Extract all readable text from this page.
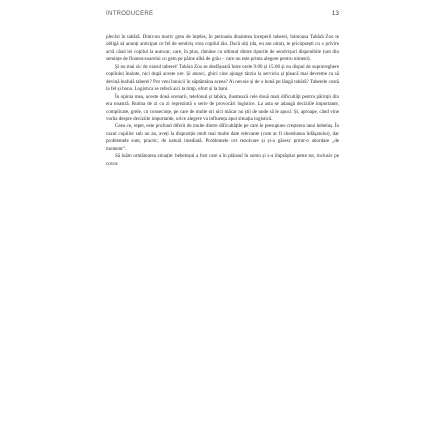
INTRODUCERE	13

plecări în tabără. Dintr-un motiv greu de înțeles, în perioada dinaintea începerii taberei, faimoasa Tabără Zoo te obligă să anunți anticipat ce fel de sendviș vrea copilul tău. Dacă uiți (da, eu am uitat), te pricopsești cu o privire acră când iei copilul la autocar, care, în plus, rămâne cu ultimul dintre tipurile de sendvișuri disponibile (unt din semințe de floarea-soarelui cu gem pe pâine albă de grâu – care nu este prima alegere pentru nimeni).

Și nu mai zic de orarul taberei! Tabăra Zoo se desfășoară între orele 9:00 și 15:00 și nu dispui de supraveghere copilului înainte, nici după aceste ore. Și atunci, ghici cine ajunge târziu la serviciu și pleacă mai devreme ca să devină leafulă taberei? Pot veni bunicii în săptămâna aceea? Ai nevoie și de o bonă pe lângă tabără? Taberele costă la fel și bona. Logistica se referă aici la timp, efort și la bani.

În opinia mea, aceste două scenarii, telefonul și tabăra, ilustrează cele două mari dificultăți pentru părinții din era noastră. Rutina de zi cu zi reprezintă o serie de provocări logistice. La asta se adaugă deciziile importante, complicate, grele, cu consecințe, pe care de multe ori nici măcar nu știi de unde să le apuci. Și, aproape, când vine vorba despre deciziile importante, orice alegere va influența apoi situația logistică.

Ceea ce, repet, este profund diferit de multe dintre dificultățile pe care le presupune creșterea unui bebeluș. În cazul copiilor sub un an, aveți la dispoziție mult mai multe date relevante (cum ar fi chestiunea înfășatului), dar problemele sunt, practic, de natură imediată. Problemele cer rezolvare și și-o găsesc printr-o abordare „de moment”.

Să luăm următoarea situație: bebelușul a fost care a în plânsul în somn și s-a împrăștiat peste tot, inclusiv pe covor.
